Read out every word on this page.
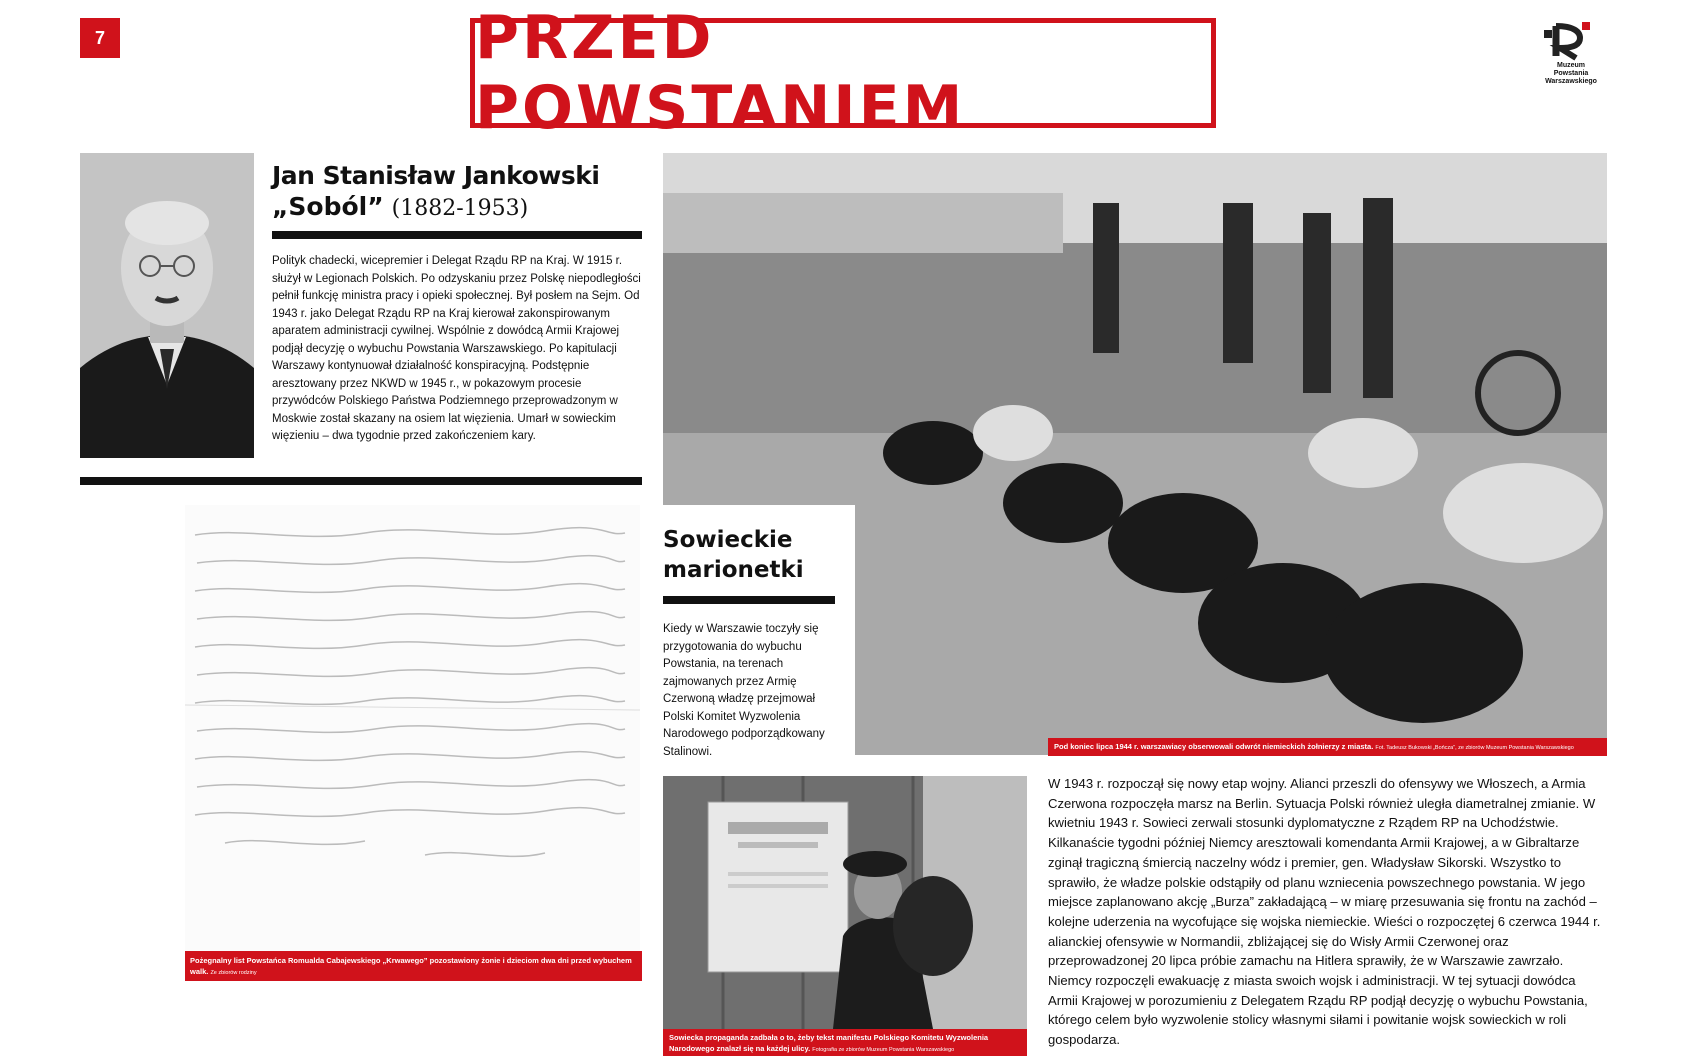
7	PRZED POWSTANIEM
Muzeum
Powstania
Warszawskiego
Jan Stanisław Jankowski
„Soból” (1882-1953)
Polityk chadecki, wicepremier i Delegat Rządu RP na Kraj. W 1915 r. służył w Legionach Polskich. Po odzyskaniu przez Polskę niepodległości pełnił funkcję ministra pracy i opieki społecznej. Był posłem na Sejm. Od 1943 r. jako Delegat Rządu RP na Kraj kierował zakonspirowanym aparatem administracji cywilnej. Wspólnie z dowódcą Armii Krajowej podjął decyzję o wybuchu Powstania Warszawskiego. Po kapitulacji Warszawy kontynuował działalność konspiracyjną. Podstępnie aresztowany przez NKWD w 1945 r., w pokazowym procesie przywódców Polskiego Państwa Podziemnego przeprowadzonym w Moskwie został skazany na osiem lat więzienia. Umarł w sowieckim więzieniu – dwa tygodnie przed zakończeniem kary.
Pożegnalny list Powstańca Romualda Cabajewskiego „Krwawego” pozostawiony żonie i dzieciom dwa dni przed wybuchem walk. Ze zbiorów rodziny
Pod koniec lipca 1944 r. warszawiacy obserwowali odwrót niemieckich żołnierzy z miasta. Fot. Tadeusz Bukowski „Bończa”, ze zbiorów Muzeum Powstania Warszawskiego
Sowieckie
marionetki
Kiedy w Warszawie toczyły się przygotowania do wybuchu Powstania, na terenach zajmowanych przez Armię Czerwoną władzę przejmował Polski Komitet Wyzwolenia Narodowego podporządkowany Stalinowi.
Sowiecka propaganda zadbała o to, żeby tekst manifestu Polskiego Komitetu Wyzwolenia Narodowego znalazł się na każdej ulicy. Fotografia ze zbiorów Muzeum Powstania Warszawskiego
W 1943 r. rozpoczął się nowy etap wojny. Alianci przeszli do ofensywy we Włoszech, a Armia Czerwona rozpoczęła marsz na Berlin. Sytuacja Polski również uległa diametralnej zmianie. W kwietniu 1943 r. Sowieci zerwali stosunki dyplomatyczne z Rządem RP na Uchodźstwie. Kilkanaście tygodni później Niemcy aresztowali komendanta Armii Krajowej, a w Gibraltarze zginął tragiczną śmiercią naczelny wódz i premier, gen. Władysław Sikorski. Wszystko to sprawiło, że władze polskie odstąpiły od planu wzniecenia powszechnego powstania. W jego miejsce zaplanowano akcję „Burza” zakładającą – w miarę przesuwania się frontu na zachód – kolejne uderzenia na wycofujące się wojska niemieckie. Wieści o rozpoczętej 6 czerwca 1944 r. alianckiej ofensywie w Normandii, zbliżającej się do Wisły Armii Czerwonej oraz przeprowadzonej 20 lipca próbie zamachu na Hitlera sprawiły, że w Warszawie zawrzało. Niemcy rozpoczęli ewakuację z miasta swoich wojsk i administracji. W tej sytuacji dowódca Armii Krajowej w porozumieniu z Delegatem Rządu RP podjął decyzję o wybuchu Powstania, którego celem było wyzwolenie stolicy własnymi siłami i powitanie wojsk sowieckich w roli gospodarza.
